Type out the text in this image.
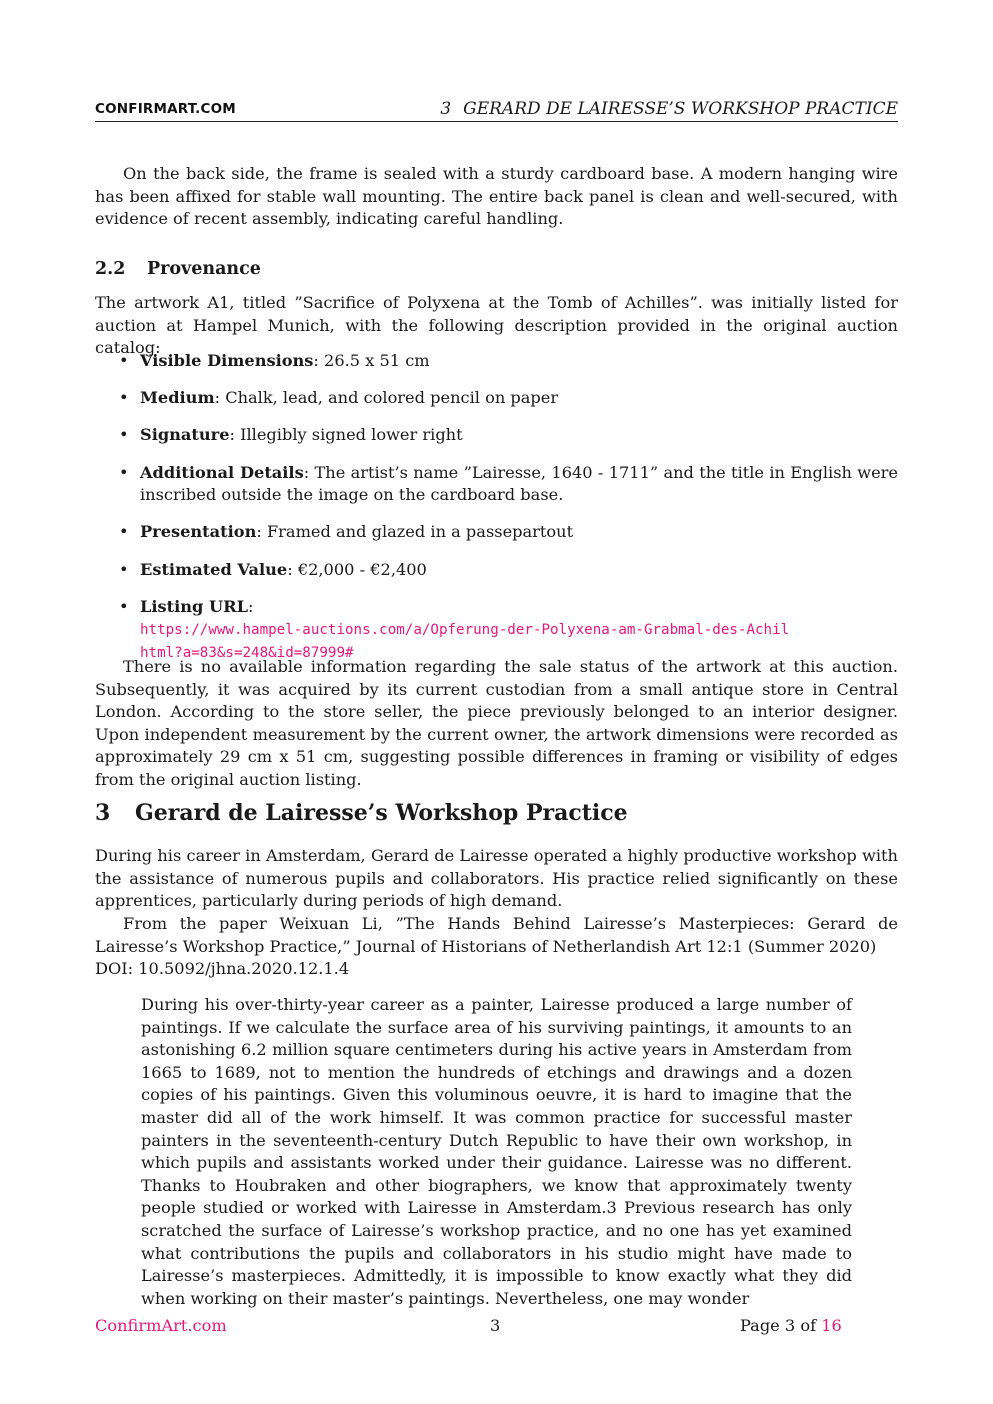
CONFIRMART.COM	3 GERARD DE LAIRESSE’S WORKSHOP PRACTICE

On the back side, the frame is sealed with a sturdy cardboard base. A modern hanging wire has been affixed for stable wall mounting. The entire back panel is clean and well-secured, with evidence of recent assembly, indicating careful handling.

2.2 Provenance

The artwork A1, titled ”Sacrifice of Polyxena at the Tomb of Achilles”. was initially listed for auction at Hampel Munich, with the following description provided in the original auction catalog:

• Visible Dimensions: 26.5 x 51 cm
• Medium: Chalk, lead, and colored pencil on paper
• Signature: Illegibly signed lower right
• Additional Details: The artist’s name ”Lairesse, 1640 - 1711” and the title in English were inscribed outside the image on the cardboard base.
• Presentation: Framed and glazed in a passepartout
• Estimated Value: €2,000 - €2,400
• Listing URL: https://www.hampel-auctions.com/a/Opferung-der-Polyxena-am-Grabmal-des-Achil
html?a=83&s=248&id=87999#

There is no available information regarding the sale status of the artwork at this auction. Subsequently, it was acquired by its current custodian from a small antique store in Central London. According to the store seller, the piece previously belonged to an interior designer. Upon independent measurement by the current owner, the artwork dimensions were recorded as approximately 29 cm x 51 cm, suggesting possible differences in framing or visibility of edges from the original auction listing.

3 Gerard de Lairesse’s Workshop Practice

During his career in Amsterdam, Gerard de Lairesse operated a highly productive workshop with the assistance of numerous pupils and collaborators. His practice relied significantly on these apprentices, particularly during periods of high demand.

From the paper Weixuan Li, ”The Hands Behind Lairesse’s Masterpieces: Gerard de Lairesse’s Workshop Practice,” Journal of Historians of Netherlandish Art 12:1 (Summer 2020)

DOI: 10.5092/jhna.2020.12.1.4

During his over-thirty-year career as a painter, Lairesse produced a large number of paintings. If we calculate the surface area of his surviving paintings, it amounts to an astonishing 6.2 million square centimeters during his active years in Amsterdam from 1665 to 1689, not to mention the hundreds of etchings and drawings and a dozen copies of his paintings. Given this voluminous oeuvre, it is hard to imagine that the master did all of the work himself. It was common practice for successful master painters in the seventeenth-century Dutch Republic to have their own workshop, in which pupils and assistants worked under their guidance. Lairesse was no different. Thanks to Houbraken and other biographers, we know that approximately twenty people studied or worked with Lairesse in Amsterdam.3 Previous research has only scratched the surface of Lairesse’s workshop practice, and no one has yet examined what contributions the pupils and collaborators in his studio might have made to Lairesse’s masterpieces. Admittedly, it is impossible to know exactly what they did when working on their master’s paintings. Nevertheless, one may wonder

ConfirmArt.com	3	Page 3 of 16
